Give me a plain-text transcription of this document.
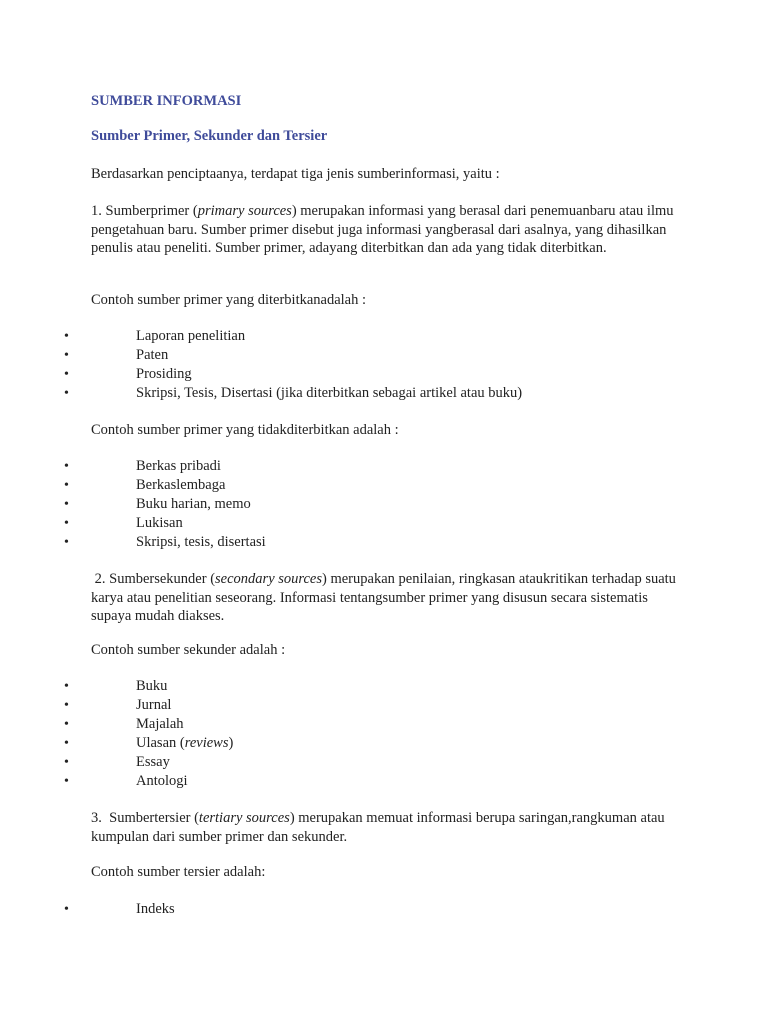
SUMBER INFORMASI

Sumber Primer, Sekunder dan Tersier

Berdasarkan penciptaanya, terdapat tiga jenis sumberinformasi, yaitu :

1. Sumberprimer (primary sources) merupakan informasi yang berasal dari penemuanbaru atau ilmu pengetahuan baru. Sumber primer disebut juga informasi yangberasal dari asalnya, yang dihasilkan penulis atau peneliti. Sumber primer, adayang diterbitkan dan ada yang tidak diterbitkan.

Contoh sumber primer yang diterbitkanadalah :

•	Laporan penelitian
•	Paten
•	Prosiding
•	Skripsi, Tesis, Disertasi (jika diterbitkan sebagai artikel atau buku)

Contoh sumber primer yang tidakditerbitkan adalah :

•	Berkas pribadi
•	Berkaslembaga
•	Buku harian, memo
•	Lukisan
•	Skripsi, tesis, disertasi

2. Sumbersekunder (secondary sources) merupakan penilaian, ringkasan ataukritikan terhadap suatu karya atau penelitian seseorang. Informasi tentangsumber primer yang disusun secara sistematis supaya mudah diakses.

Contoh sumber sekunder adalah :

•	Buku
•	Jurnal
•	Majalah
•	Ulasan (reviews)
•	Essay
•	Antologi

3.  Sumbertersier (tertiary sources) merupakan memuat informasi berupa saringan,rangkuman atau kumpulan dari sumber primer dan sekunder.

Contoh sumber tersier adalah:

•	Indeks
